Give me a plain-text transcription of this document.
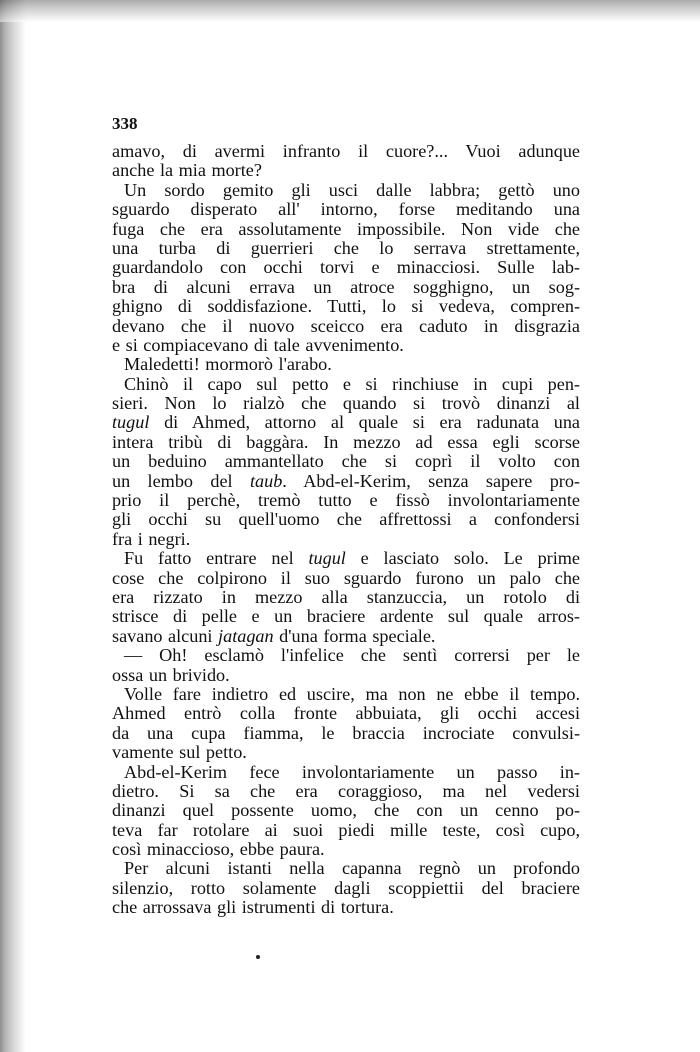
338
amavo, di avermi infranto il cuore?... Vuoi adunque
anche la mia morte?
Un sordo gemito gli usci dalle labbra; gettò uno
sguardo disperato all' intorno, forse meditando una
fuga che era assolutamente impossibile. Non vide che
una turba di guerrieri che lo serrava strettamente,
guardandolo con occhi torvi e minacciosi. Sulle lab-
bra di alcuni errava un atroce sogghigno, un sog-
ghigno di soddisfazione. Tutti, lo si vedeva, compren-
devano che il nuovo sceicco era caduto in disgrazia
e si compiacevano di tale avvenimento.
Maledetti! mormorò l'arabo.
Chinò il capo sul petto e si rinchiuse in cupi pen-
sieri. Non lo rialzò che quando si trovò dinanzi al
tugul di Ahmed, attorno al quale si era radunata una
intera tribù di baggàra. In mezzo ad essa egli scorse
un beduino ammantellato che si coprì il volto con
un lembo del taub. Abd-el-Kerim, senza sapere pro-
prio il perchè, tremò tutto e fissò involontariamente
gli occhi su quell'uomo che affrettossi a confondersi
fra i negri.
Fu fatto entrare nel tugul e lasciato solo. Le prime
cose che colpirono il suo sguardo furono un palo che
era rizzato in mezzo alla stanzuccia, un rotolo di
strisce di pelle e un braciere ardente sul quale arros-
savano alcuni jatagan d'una forma speciale.
— Oh! esclamò l'infelice che sentì corrersi per le
ossa un brivido.
Volle fare indietro ed uscire, ma non ne ebbe il tempo.
Ahmed entrò colla fronte abbuiata, gli occhi accesi
da una cupa fiamma, le braccia incrociate convulsi-
vamente sul petto.
Abd-el-Kerim fece involontariamente un passo in-
dietro. Si sa che era coraggioso, ma nel vedersi
dinanzi quel possente uomo, che con un cenno po-
teva far rotolare ai suoi piedi mille teste, così cupo,
così minaccioso, ebbe paura.
Per alcuni istanti nella capanna regnò un profondo
silenzio, rotto solamente dagli scoppiettii del braciere
che arrossava gli istrumenti di tortura.
